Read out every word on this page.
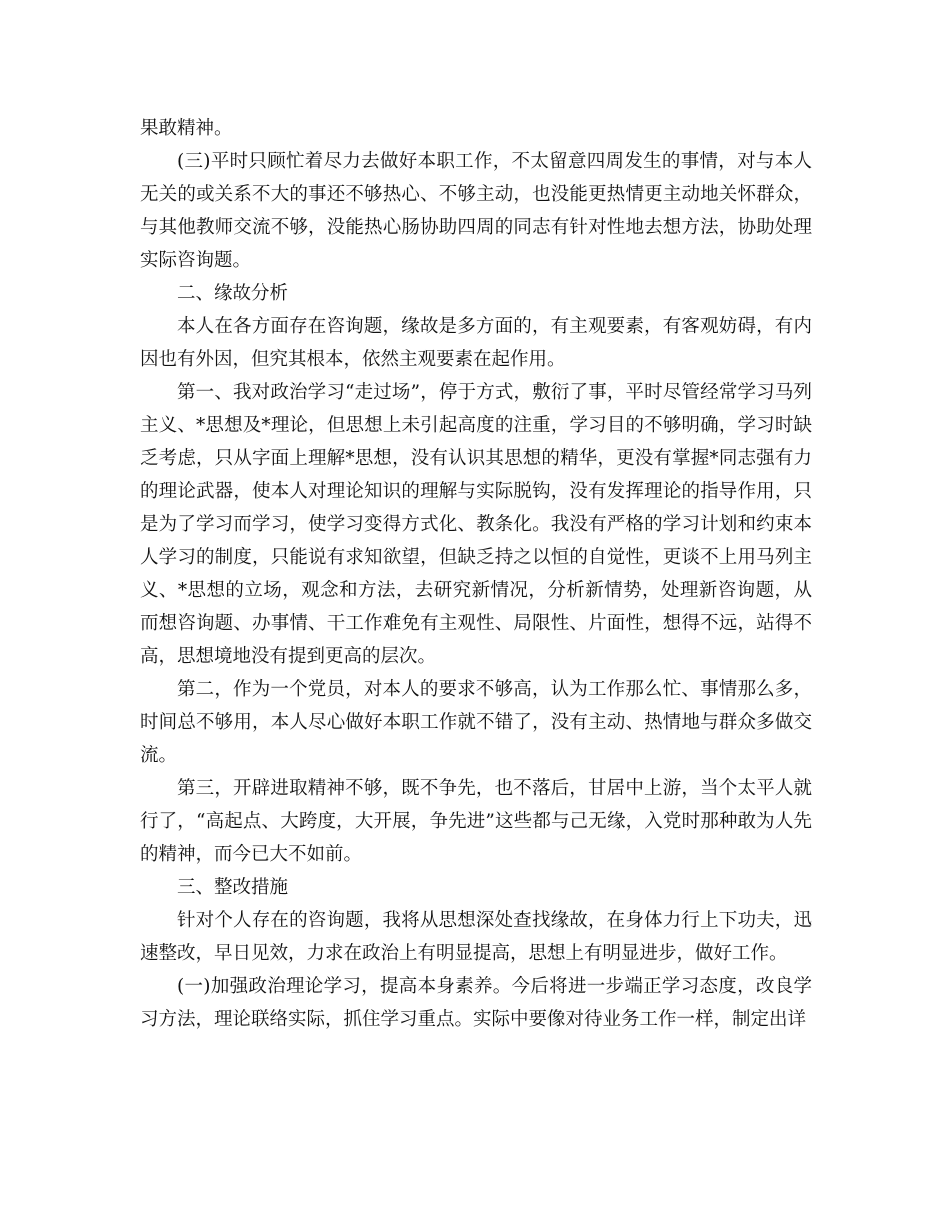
果敢精神。

(三)平时只顾忙着尽力去做好本职工作，不太留意四周发生的事情，对与本人无关的或关系不大的事还不够热心、不够主动，也没能更热情更主动地关怀群众，与其他教师交流不够，没能热心肠协助四周的同志有针对性地去想方法，协助处理实际咨询题。

二、缘故分析

本人在各方面存在咨询题，缘故是多方面的，有主观要素，有客观妨碍，有内因也有外因，但究其根本，依然主观要素在起作用。

第一、我对政治学习“走过场”，停于方式，敷衍了事，平时尽管经常学习马列主义、*思想及*理论，但思想上未引起高度的注重，学习目的不够明确，学习时缺乏考虑，只从字面上理解*思想，没有认识其思想的精华，更没有掌握*同志强有力的理论武器，使本人对理论知识的理解与实际脱钩，没有发挥理论的指导作用，只是为了学习而学习，使学习变得方式化、教条化。我没有严格的学习计划和约束本人学习的制度，只能说有求知欲望，但缺乏持之以恒的自觉性，更谈不上用马列主义、*思想的立场，观念和方法，去研究新情况，分析新情势，处理新咨询题，从而想咨询题、办事情、干工作难免有主观性、局限性、片面性，想得不远，站得不高，思想境地没有提到更高的层次。

第二，作为一个党员，对本人的要求不够高，认为工作那么忙、事情那么多，时间总不够用，本人尽心做好本职工作就不错了，没有主动、热情地与群众多做交流。

第三，开辟进取精神不够，既不争先，也不落后，甘居中上游，当个太平人就行了，“高起点、大跨度，大开展，争先进”这些都与己无缘，入党时那种敢为人先的精神，而今已大不如前。

三、整改措施

针对个人存在的咨询题，我将从思想深处查找缘故，在身体力行上下功夫，迅速整改，早日见效，力求在政治上有明显提高，思想上有明显进步，做好工作。

(一)加强政治理论学习，提高本身素养。今后将进一步端正学习态度，改良学习方法，理论联络实际，抓住学习重点。实际中要像对待业务工作一样，制定出详
